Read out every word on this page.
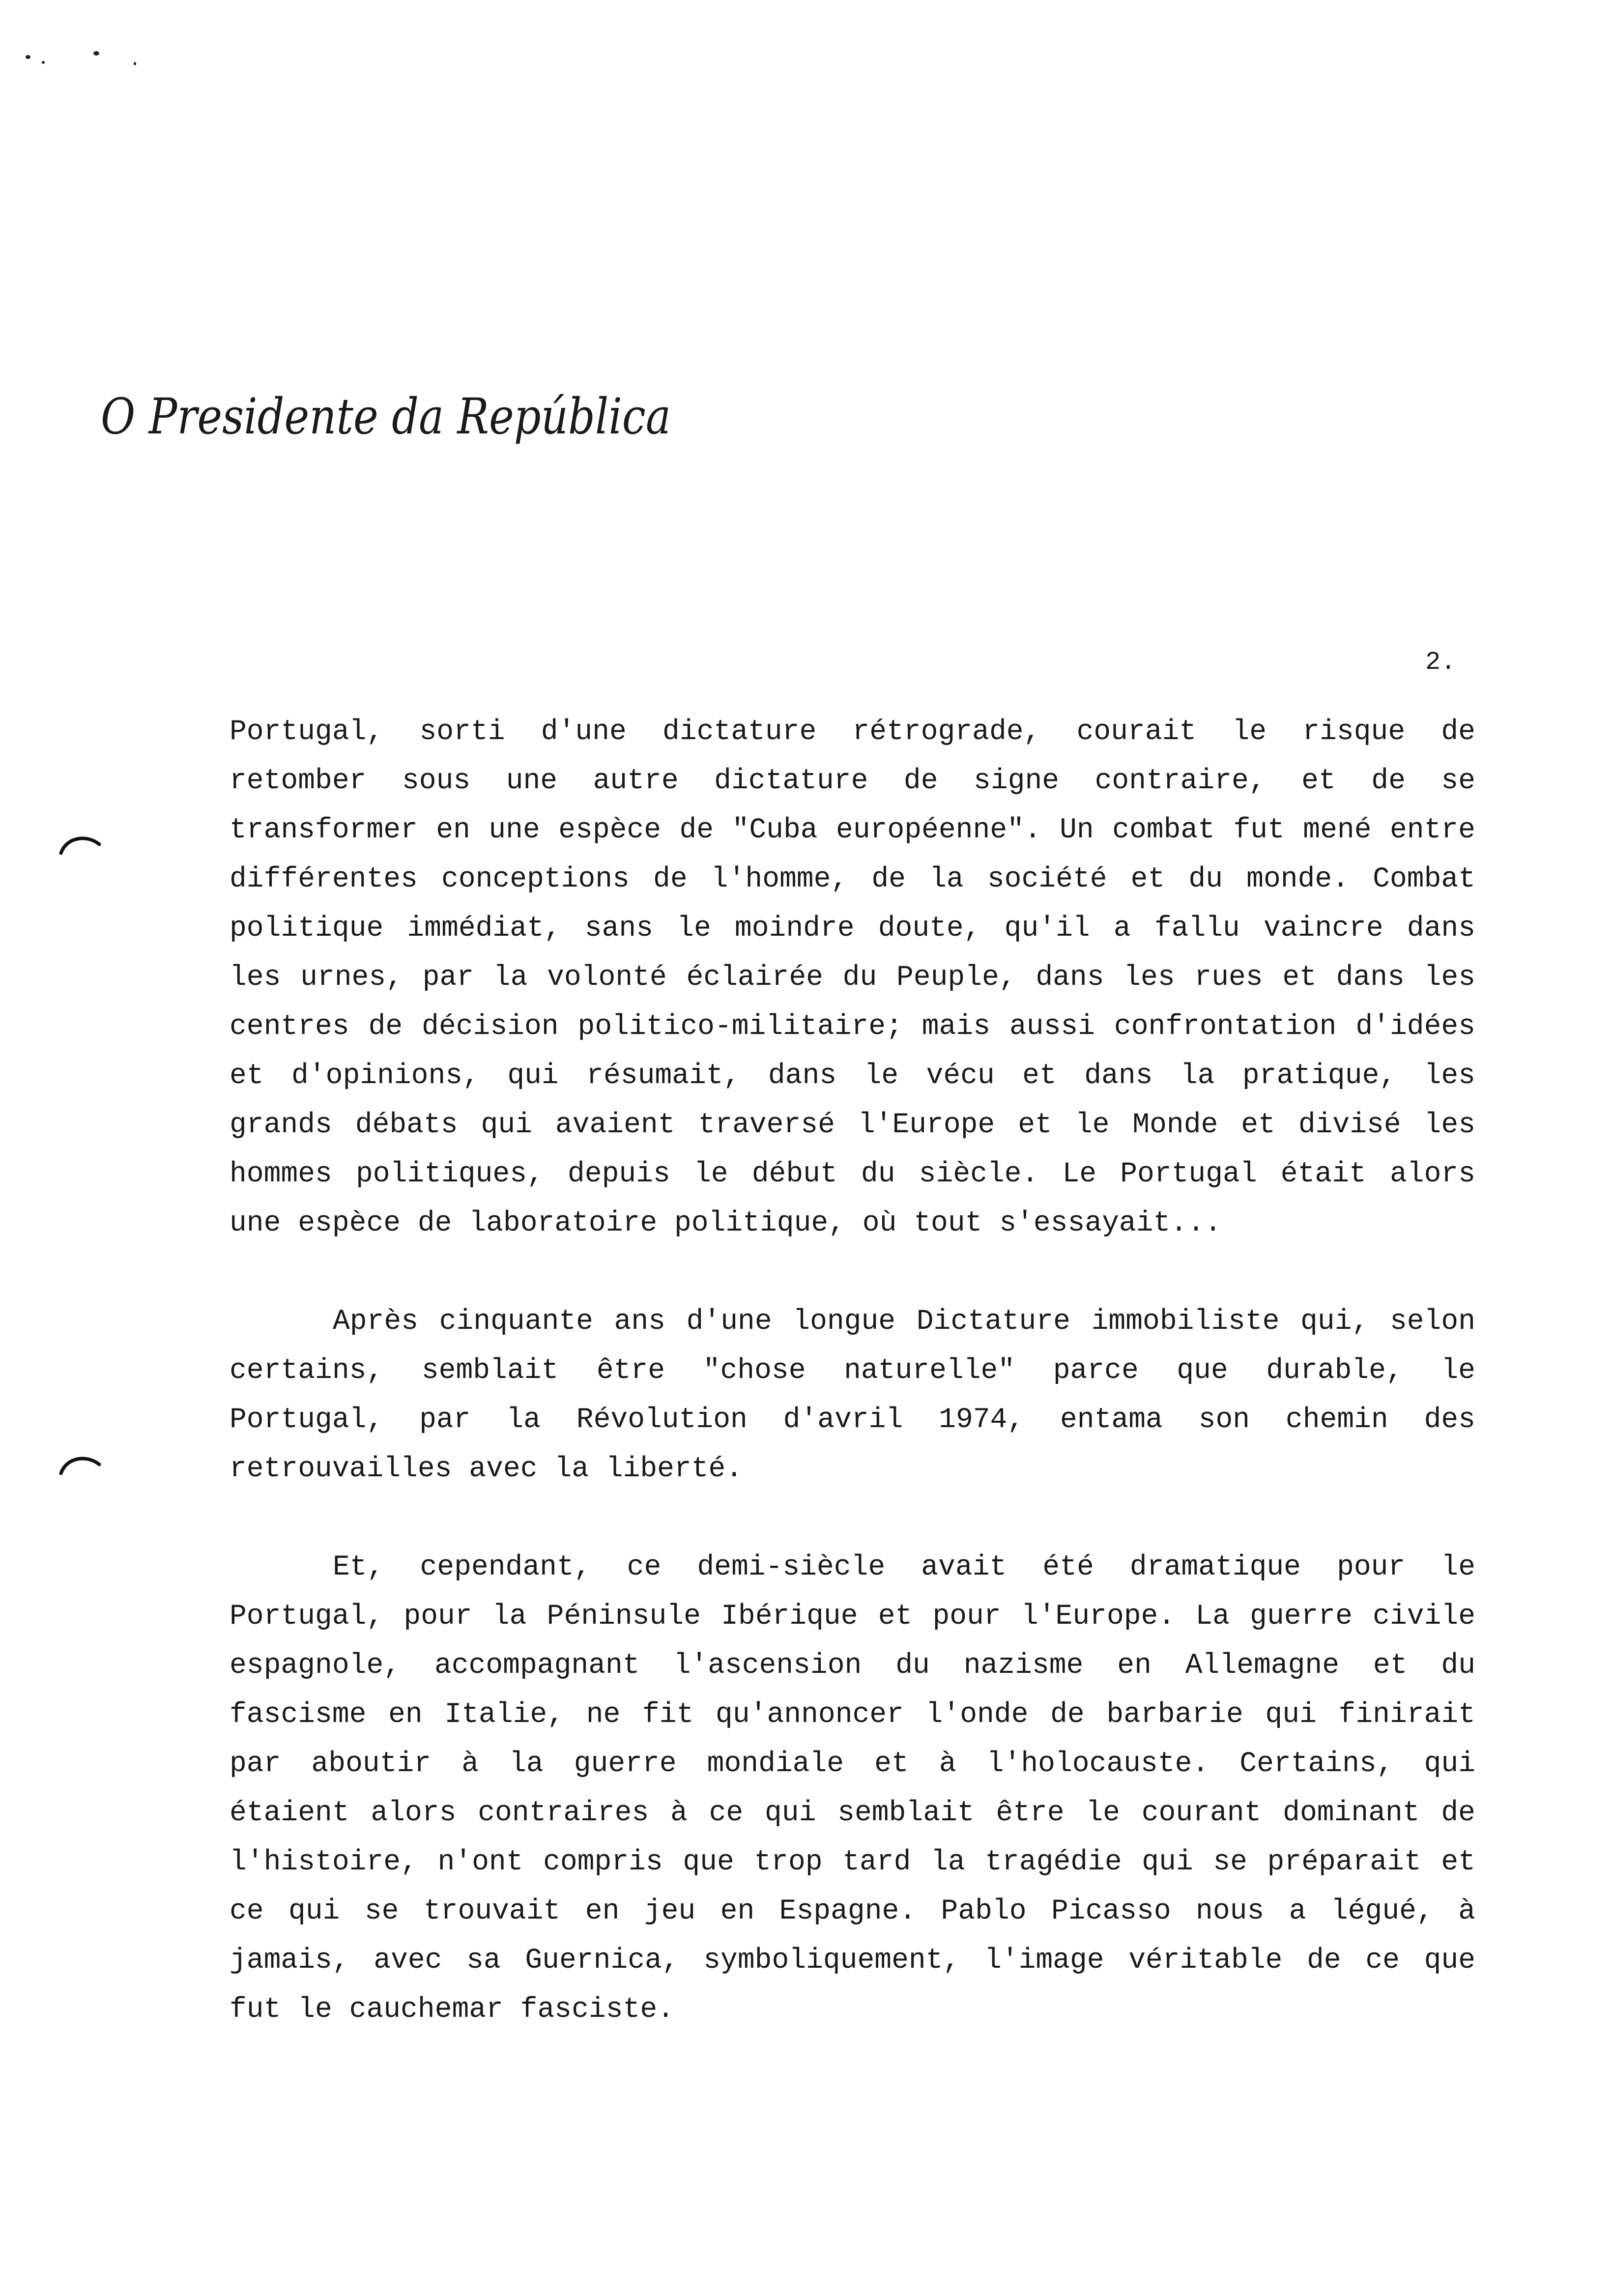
O Presidente da República
2.

Portugal, sorti d'une dictature rétrograde, courait le risque de retomber sous une autre dictature de signe contraire, et de se transformer en une espèce de "Cuba européenne". Un combat fut mené entre différentes conceptions de l'homme, de la société et du monde. Combat politique immédiat, sans le moindre doute, qu'il a fallu vaincre dans les urnes, par la volonté éclairée du Peuple, dans les rues et dans les centres de décision politico-militaire; mais aussi confrontation d'idées et d'opinions, qui résumait, dans le vécu et dans la pratique, les grands débats qui avaient traversé l'Europe et le Monde et divisé les hommes politiques, depuis le début du siècle. Le Portugal était alors une espèce de laboratoire politique, où tout s'essayait...

Après cinquante ans d'une longue Dictature immobiliste qui, selon certains, semblait être "chose naturelle" parce que durable, le Portugal, par la Révolution d'avril 1974, entama son chemin des retrouvailles avec la liberté.

Et, cependant, ce demi-siècle avait été dramatique pour le Portugal, pour la Péninsule Ibérique et pour l'Europe. La guerre civile espagnole, accompagnant l'ascension du nazisme en Allemagne et du fascisme en Italie, ne fit qu'annoncer l'onde de barbarie qui finirait par aboutir à la guerre mondiale et à l'holocauste. Certains, qui étaient alors contraires à ce qui semblait être le courant dominant de l'histoire, n'ont compris que trop tard la tragédie qui se préparait et ce qui se trouvait en jeu en Espagne. Pablo Picasso nous a légué, à jamais, avec sa Guernica, symboliquement, l'image véritable de ce que fut le cauchemar fasciste.
